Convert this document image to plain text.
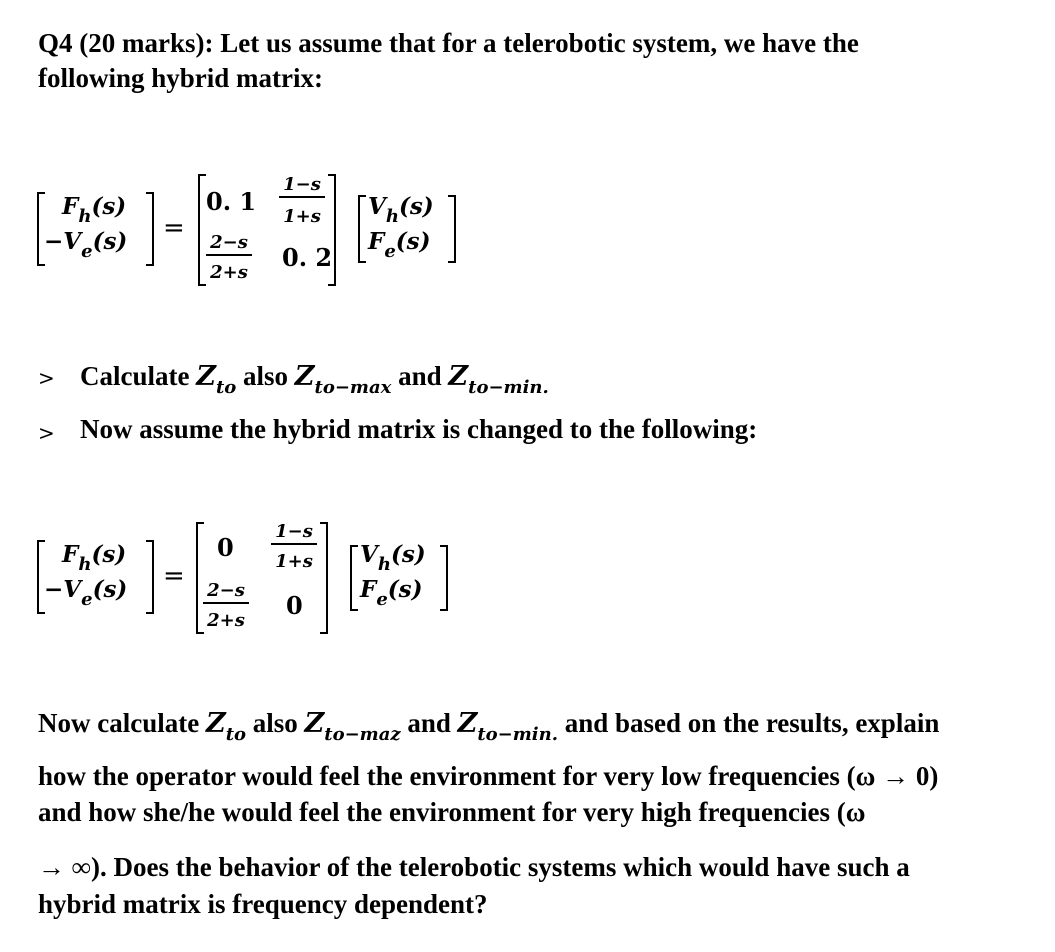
Q4 (20 marks): Let us assume that for a telerobotic system, we have the
following hybrid matrix:
$F_h(s)$
$-V_e(s)$ =
0. $1 \frac{1-s}{1+s}$
$\frac{2-s}{2+s} 0$. 2
$V_h(s)$
$F_e(s)$
> Calculate $Z_{to}$ also $Z_{to-max}$ and $Z_{to-min.}$
> Now assume the hybrid matrix is changed to the following:
$F_h(s)$
$-V_e(s)$ =
$0 \frac{1-s}{1+s}$
$\frac{2-s}{2+s} 0$
$V_h(s)$
$F_e(s)$
Now calculate $Z_{to}$ also $Z_{to-maz}$ and $Z_{to-min.}$ and based on the results, explain
how the operator would feel the environment for very low frequencies (ω → 0)
and how she/he would feel the environment for very high frequencies (ω
→ ∞). Does the behavior of the telerobotic systems which would have such a
hybrid matrix is frequency dependent?
